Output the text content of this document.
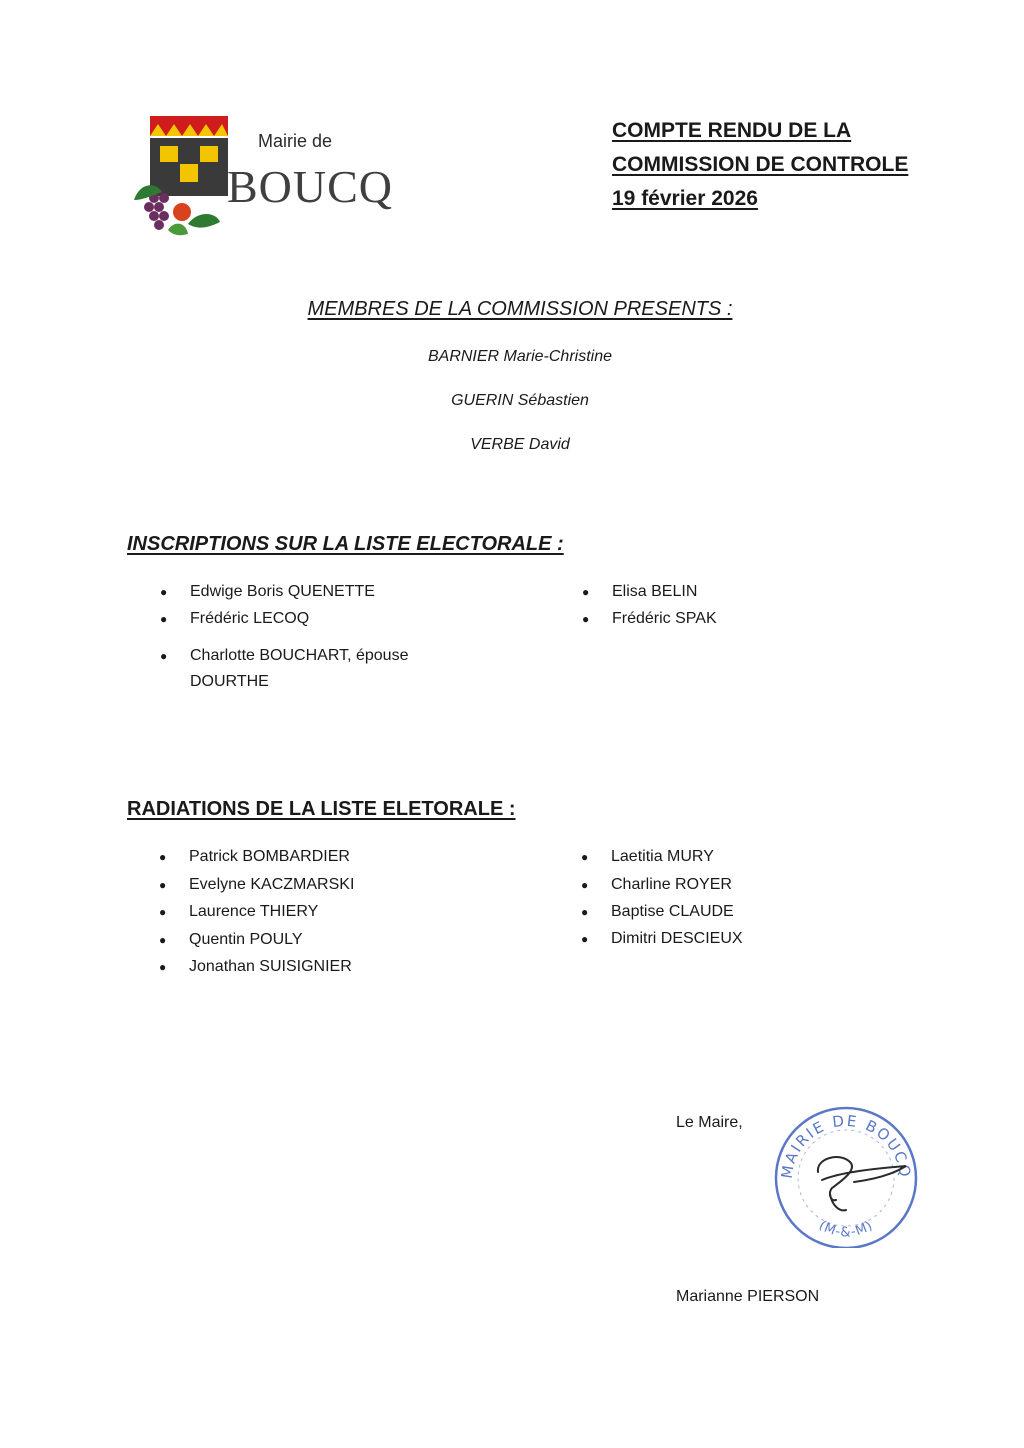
Mairie de
BOUCQ
COMPTE RENDU DE LA
COMMISSION DE CONTROLE
19 février 2026
MEMBRES DE LA COMMISSION PRESENTS :
BARNIER Marie-Christine
GUERIN Sébastien
VERBE David
INSCRIPTIONS SUR LA LISTE ELECTORALE :
●
Edwige Boris QUENETTE
●
Frédéric LECOQ
●
Charlotte BOUCHART, épouse DOURTHE
●
Elisa BELIN
●
Frédéric SPAK
RADIATIONS DE LA LISTE ELETORALE :
●
Patrick BOMBARDIER
●
Evelyne KACZMARSKI
●
Laurence THIERY
●
Quentin POULY
●
Jonathan SUISIGNIER
●
Laetitia MURY
●
Charline ROYER
●
Baptise CLAUDE
●
Dimitri DESCIEUX
Le Maire,
MAIRIE DE BOUCQ
(M-&-M)
Marianne PIERSON
